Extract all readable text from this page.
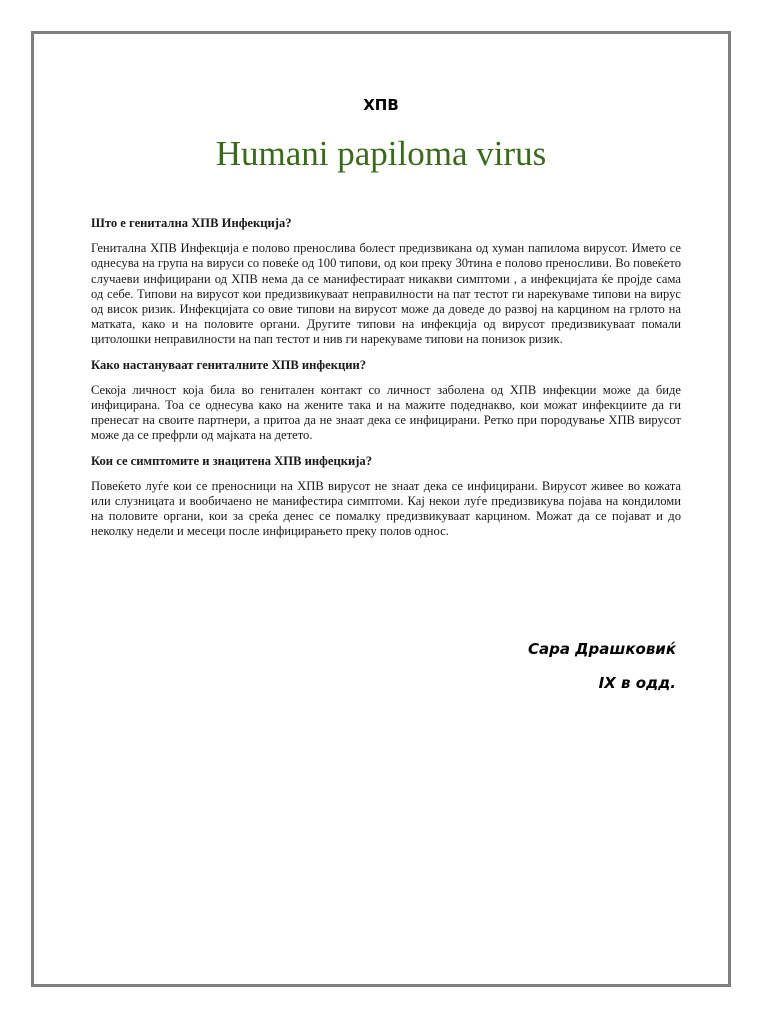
ХПВ
Humani papiloma virus
Што е генитална ХПВ Инфекција?

Генитална ХПВ Инфекција е полово преносливa болест предизвикана од хуман папилома вирусот. Името се однесува на група на вируси со повеќе од 100 типови, од кои преку 30тина е полово преносливи. Во повеќето случаеви инфицирани од ХПВ нема да се манифестираат никакви симптоми , а инфекцијата ќе пројде сама од себе. Типови на вирусот кои предизвикуваат неправилности на пат тестот ги нарекуваме типови на вирус од висок ризик. Инфекцијата со овие типови на вирусот може да доведе до развој на карцином на грлото на матката, како и на половите органи. Другите типови на инфекција од вирусот предизвикуваат помали цитолошки неправилности на пап тестот и нив ги нарекуваме типови на понизок ризик.

Како настануваат гениталните ХПВ инфекции?

Секоја личност која била во генитален контакт со личност заболена од ХПВ инфекции може да биде инфицирана. Тоа се однесува како на жените така и на мажите подеднакво, кои можат инфекциите да ги пренесат на своите партнери, а притоа да не знаат дека се инфицирани. Ретко при породување ХПВ вирусот може да се префрли од мајката на детето.

Кои се симптомите и знацитена ХПВ инфецкија?

Повеќето луѓе кои се преносници на ХПВ вирусот не знаат дека се инфицирани. Вирусот живее во кожата или слузницата и вообичаено не манифестира симптоми. Кај некои луѓе предизвикува појава на кондиломи на половите органи, кои за среќа денес се помалку предизвикуваат карцином. Можат да се појават и до неколку недели и месеци после инфицирањето преку полов однос.

Сара Драшковиќ
IX в одд.
